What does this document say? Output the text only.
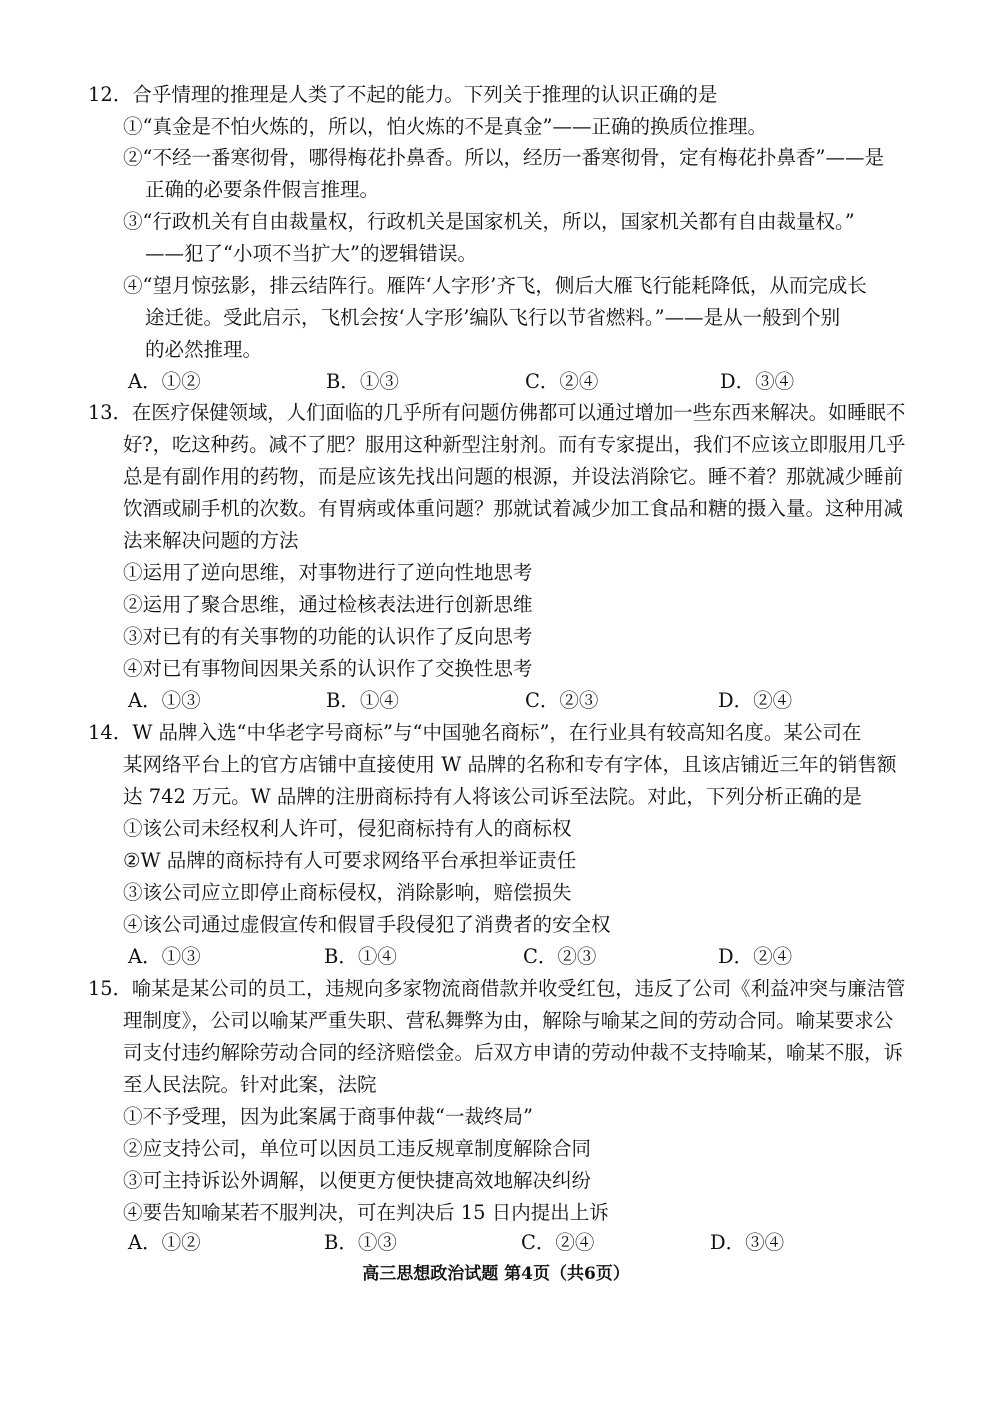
12．合乎情理的推理是人类了不起的能力。下列关于推理的认识正确的是
①“真金是不怕火炼的，所以，怕火炼的不是真金”——正确的换质位推理。
②“不经一番寒彻骨，哪得梅花扑鼻香。所以，经历一番寒彻骨，定有梅花扑鼻香”——是
正确的必要条件假言推理。
③“行政机关有自由裁量权，行政机关是国家机关，所以，国家机关都有自由裁量权。”
——犯了“小项不当扩大”的逻辑错误。
④“望月惊弦影，排云结阵行。雁阵‘人字形’齐飞，侧后大雁飞行能耗降低，从而完成长
途迁徙。受此启示，飞机会按‘人字形’编队飞行以节省燃料。”——是从一般到个别
的必然推理。
A．①②	B．①③	C．②④	D．③④
13．在医疗保健领域，人们面临的几乎所有问题仿佛都可以通过增加一些东西来解决。如睡眠不
好?，吃这种药。减不了肥？服用这种新型注射剂。而有专家提出，我们不应该立即服用几乎
总是有副作用的药物，而是应该先找出问题的根源，并设法消除它。睡不着？那就减少睡前
饮酒或刷手机的次数。有胃病或体重问题？那就试着减少加工食品和糖的摄入量。这种用减
法来解决问题的方法
①运用了逆向思维，对事物进行了逆向性地思考
②运用了聚合思维，通过检核表法进行创新思维
③对已有的有关事物的功能的认识作了反向思考
④对已有事物间因果关系的认识作了交换性思考
A．①③	B．①④	C．②③	D．②④
14．W 品牌入选“中华老字号商标”与“中国驰名商标”，在行业具有较高知名度。某公司在
某网络平台上的官方店铺中直接使用 W 品牌的名称和专有字体，且该店铺近三年的销售额
达 742 万元。W 品牌的注册商标持有人将该公司诉至法院。对此，下列分析正确的是
①该公司未经权利人许可，侵犯商标持有人的商标权
②W 品牌的商标持有人可要求网络平台承担举证责任
③该公司应立即停止商标侵权，消除影响，赔偿损失
④该公司通过虚假宣传和假冒手段侵犯了消费者的安全权
A．①③	B．①④	C．②③	D．②④
15．喻某是某公司的员工，违规向多家物流商借款并收受红包，违反了公司《利益冲突与廉洁管
理制度》，公司以喻某严重失职、营私舞弊为由，解除与喻某之间的劳动合同。喻某要求公
司支付违约解除劳动合同的经济赔偿金。后双方申请的劳动仲裁不支持喻某，喻某不服，诉
至人民法院。针对此案，法院
①不予受理，因为此案属于商事仲裁“一裁终局”
②应支持公司，单位可以因员工违反规章制度解除合同
③可主持诉讼外调解，以便更方便快捷高效地解决纠纷
④要告知喻某若不服判决，可在判决后 15 日内提出上诉
A．①②	B．①③	C．②④	D．③④
高三思想政治试题 第4页（共6页）
